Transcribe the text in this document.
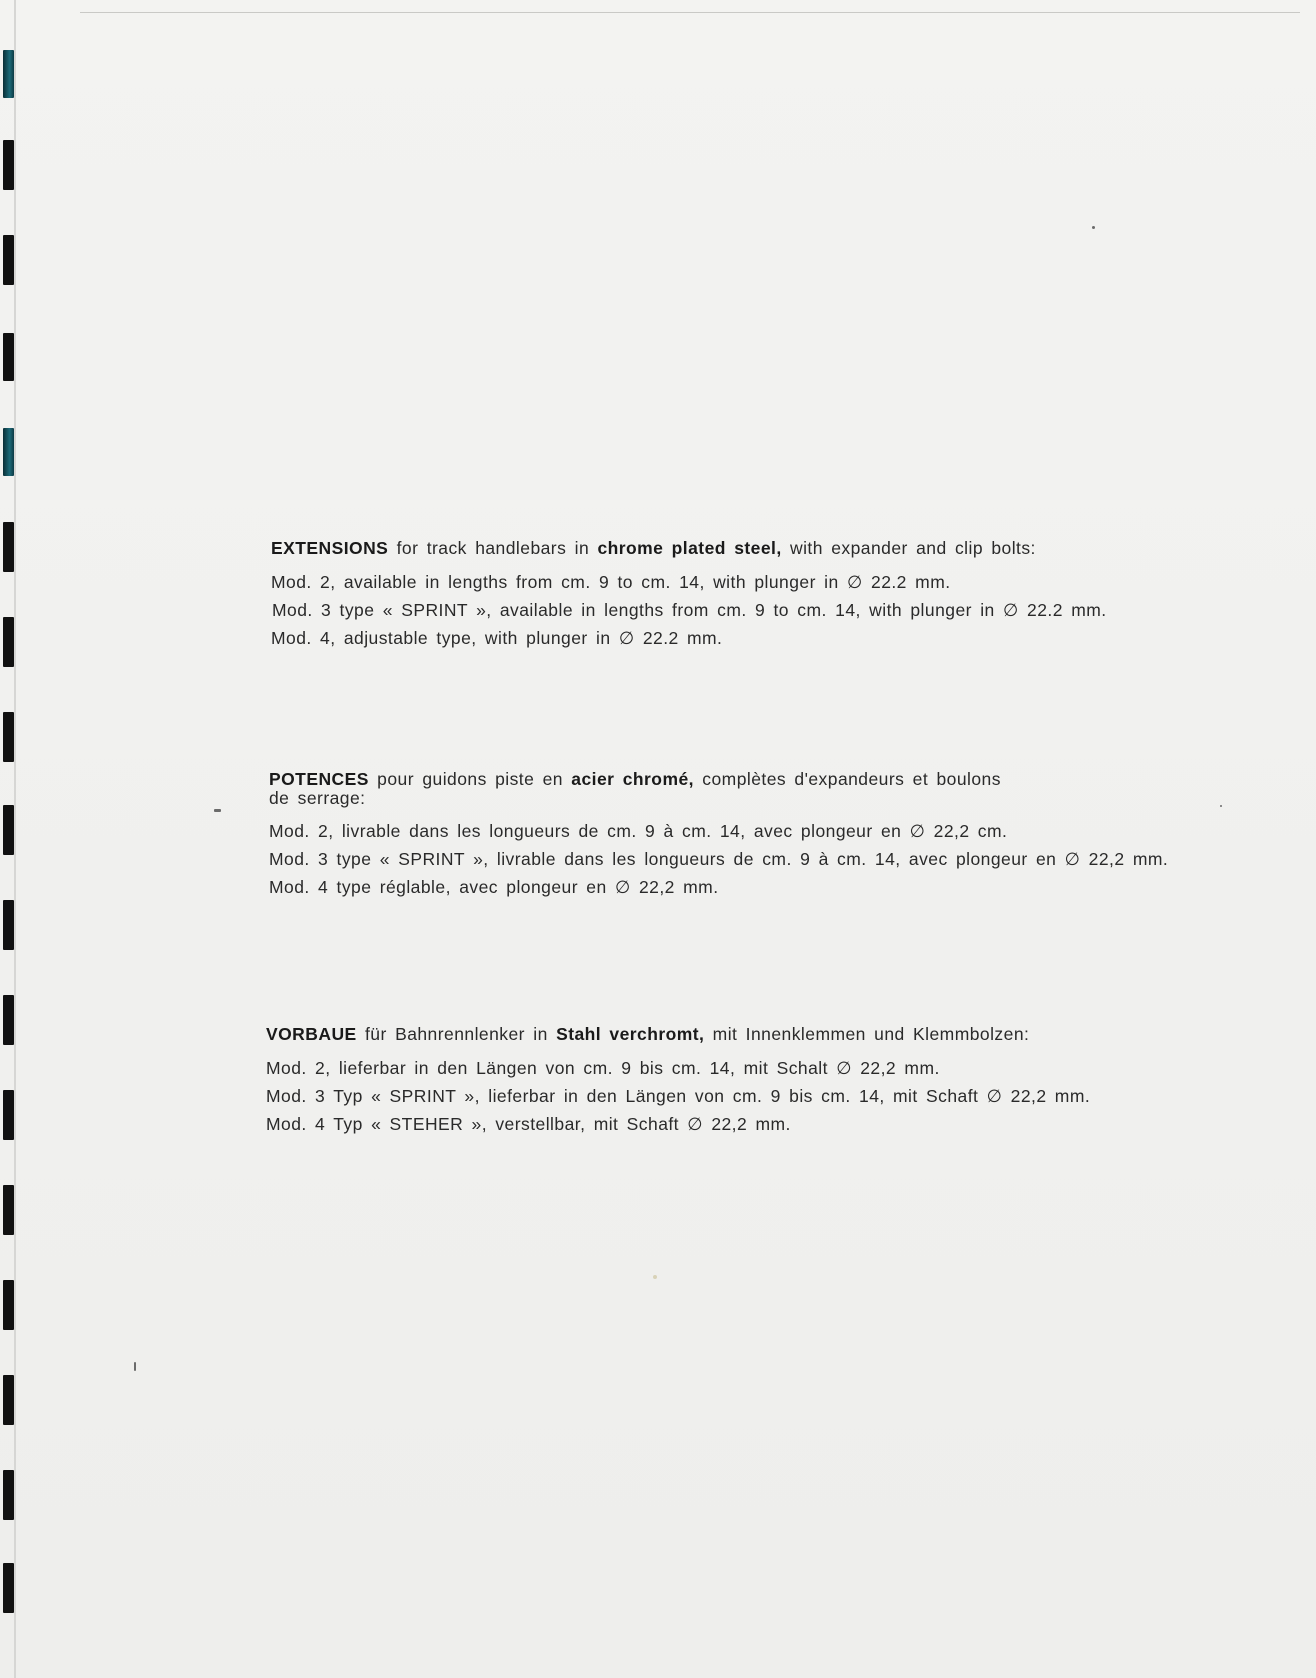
EXTENSIONS for track handlebars in chrome plated steel, with expander and clip bolts:

Mod. 2, available in lengths from cm. 9 to cm. 14, with plunger in ∅ 22.2 mm.

Mod. 3 type « SPRINT », available in lengths from cm. 9 to cm. 14, with plunger in ∅ 22.2 mm.

Mod. 4, adjustable type, with plunger in ∅ 22.2 mm.

POTENCES pour guidons piste en acier chromé, complètes d'expandeurs et boulons de serrage:

Mod. 2, livrable dans les longueurs de cm. 9 à cm. 14, avec plongeur en ∅ 22,2 cm.

Mod. 3 type « SPRINT », livrable dans les longueurs de cm. 9 à cm. 14, avec plongeur en ∅ 22,2 mm.

Mod. 4 type réglable, avec plongeur en ∅ 22,2 mm.

VORBAUE für Bahnrennlenker in Stahl verchromt, mit Innenklemmen und Klemmbolzen:

Mod. 2, lieferbar in den Längen von cm. 9 bis cm. 14, mit Schalt ∅ 22,2 mm.

Mod. 3 Typ « SPRINT », lieferbar in den Längen von cm. 9 bis cm. 14, mit Schaft ∅ 22,2 mm.

Mod. 4 Typ « STEHER », verstellbar, mit Schaft ∅ 22,2 mm.
